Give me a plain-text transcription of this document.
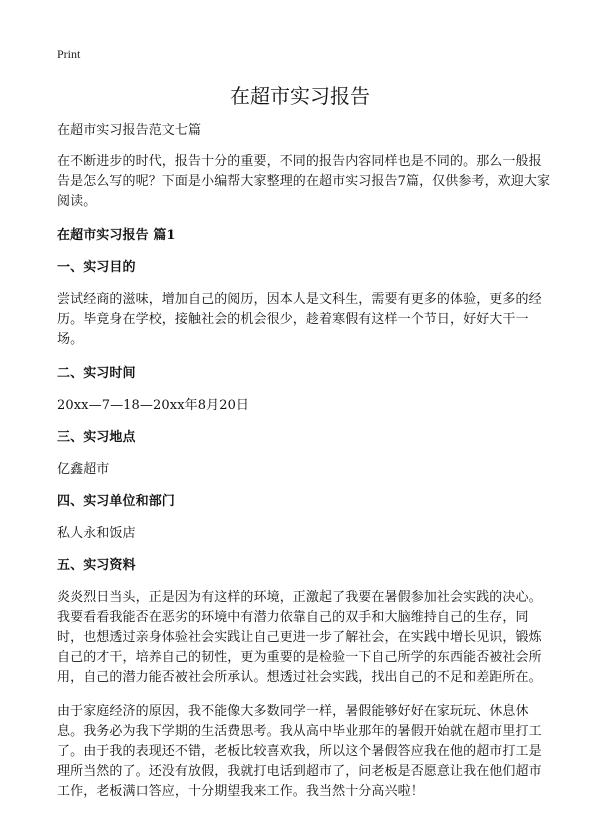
Print
在超市实习报告

在超市实习报告范文七篇

在不断进步的时代，报告十分的重要，不同的报告内容同样也是不同的。那么一般报告是怎么写的呢？下面是小编帮大家整理的在超市实习报告7篇，仅供参考，欢迎大家阅读。

在超市实习报告 篇1

一、实习目的

尝试经商的滋味，增加自己的阅历，因本人是文科生，需要有更多的体验，更多的经历。毕竟身在学校，接触社会的机会很少，趁着寒假有这样一个节日，好好大干一场。

二、实习时间

20xx—7—18—20xx年8月20日

三、实习地点

亿鑫超市

四、实习单位和部门

私人永和饭店

五、实习资料

炎炎烈日当头，正是因为有这样的环境，正激起了我要在暑假参加社会实践的决心。我要看看我能否在恶劣的环境中有潜力依靠自己的双手和大脑维持自己的生存，同时，也想透过亲身体验社会实践让自己更进一步了解社会，在实践中增长见识，锻炼自己的才干，培养自己的韧性，更为重要的是检验一下自己所学的东西能否被社会所用，自己的潜力能否被社会所承认。想透过社会实践，找出自己的不足和差距所在。

由于家庭经济的原因，我不能像大多数同学一样，暑假能够好好在家玩玩、休息休息。我务必为我下学期的生活费思考。我从高中毕业那年的暑假开始就在超市里打工了。由于我的表现还不错，老板比较喜欢我，所以这个暑假答应我在他的超市打工是理所当然的了。还没有放假，我就打电话到超市了，问老板是否愿意让我在他们超市工作，老板满口答应，十分期望我来工作。我当然十分高兴啦！
